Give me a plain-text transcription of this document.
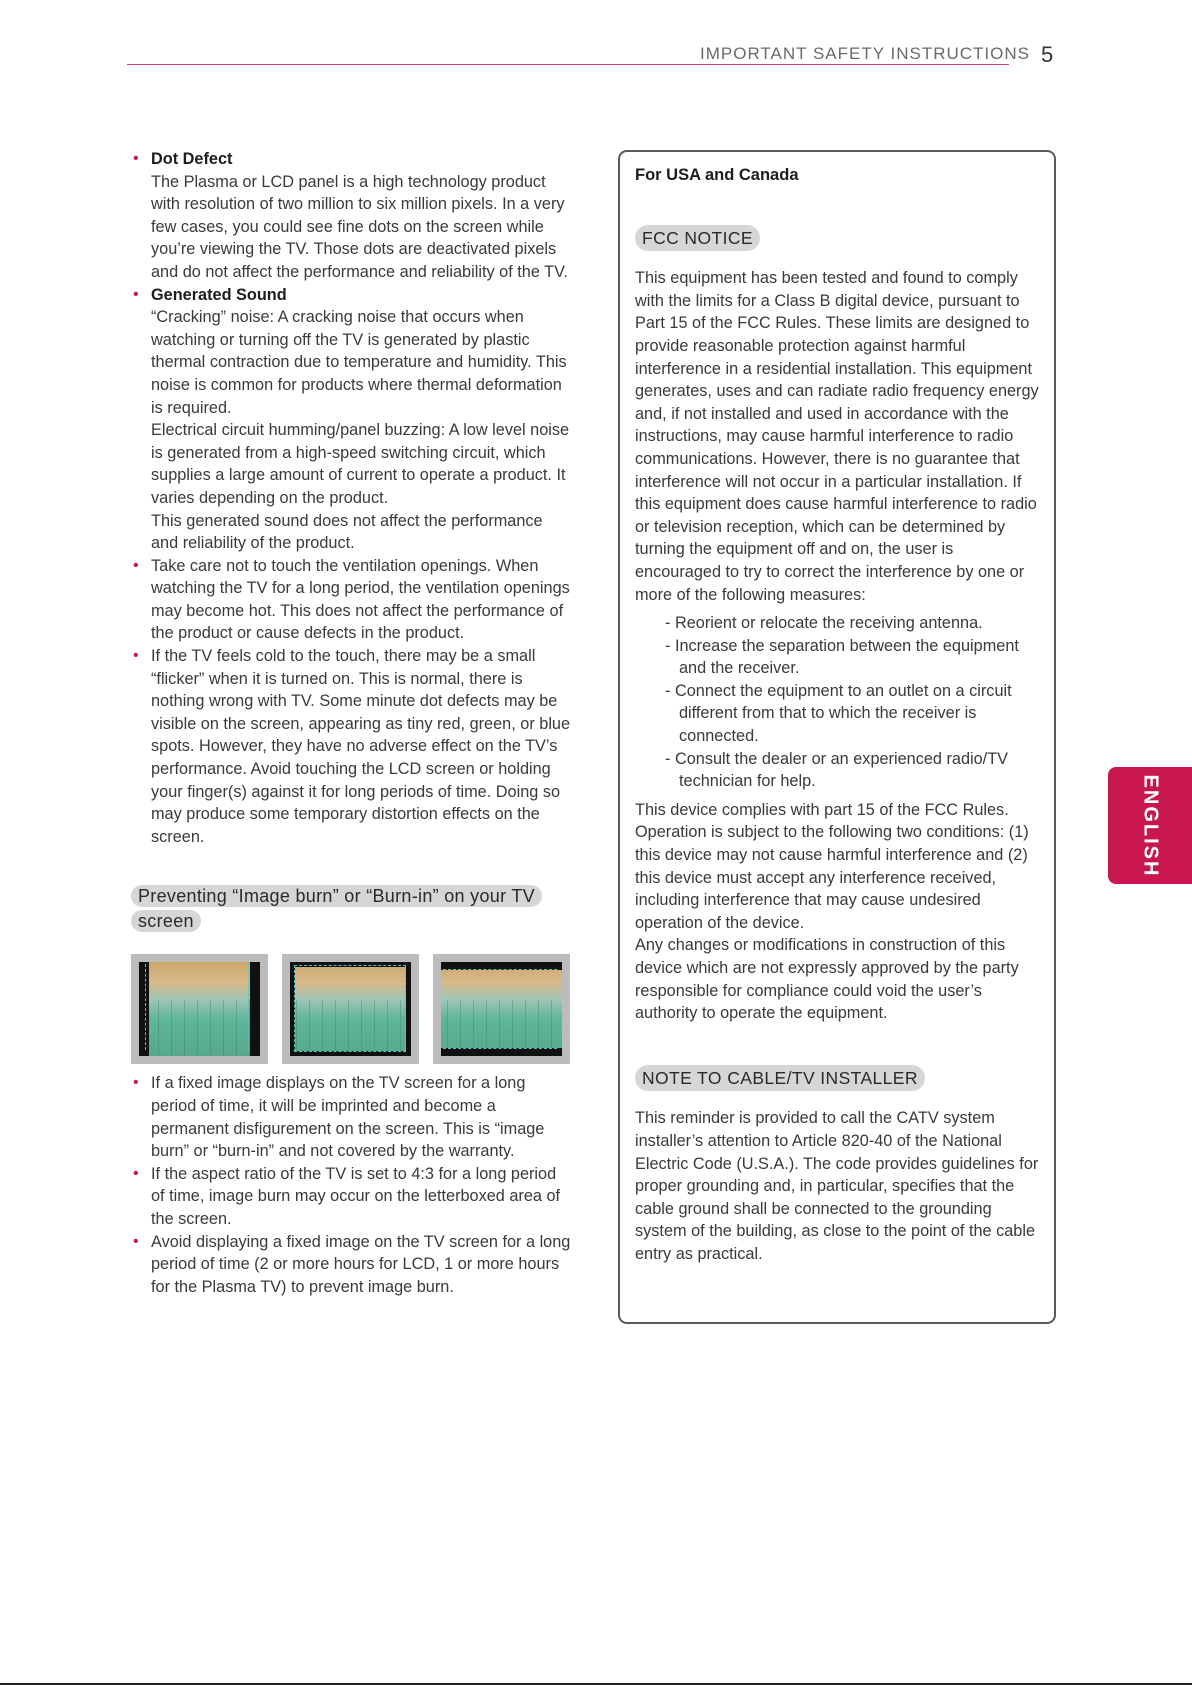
IMPORTANT SAFETY INSTRUCTIONS 5
• Dot Defect
The Plasma or LCD panel is a high technology product with resolution of two million to six million pixels. In a very few cases, you could see fine dots on the screen while you’re viewing the TV. Those dots are deactivated pixels and do not affect the performance and reliability of the TV.
• Generated Sound
“Cracking” noise: A cracking noise that occurs when watching or turning off the TV is generated by plastic thermal contraction due to temperature and humidity. This noise is common for products where thermal deformation is required.
Electrical circuit humming/panel buzzing: A low level noise is generated from a high-speed switching circuit, which supplies a large amount of current to operate a product. It varies depending on the product.
This generated sound does not affect the performance and reliability of the product.
• Take care not to touch the ventilation openings. When watching the TV for a long period, the ventilation openings may become hot. This does not affect the performance of the product or cause defects in the product.
• If the TV feels cold to the touch, there may be a small “flicker” when it is turned on. This is normal, there is nothing wrong with TV. Some minute dot defects may be visible on the screen, appearing as tiny red, green, or blue spots. However, they have no adverse effect on the TV’s performance. Avoid touching the LCD screen or holding your finger(s) against it for long periods of time. Doing so may produce some temporary distortion effects on the screen.
Preventing “Image burn” or “Burn-in” on your TV screen
• If a fixed image displays on the TV screen for a long period of time, it will be imprinted and become a permanent disfigurement on the screen. This is “image burn” or “burn-in” and not covered by the warranty.
• If the aspect ratio of the TV is set to 4:3 for a long period of time, image burn may occur on the letterboxed area of the screen.
• Avoid displaying a fixed image on the TV screen for a long period of time (2 or more hours for LCD, 1 or more hours for the Plasma TV) to prevent image burn.
For USA and Canada
FCC NOTICE
This equipment has been tested and found to comply with the limits for a Class B digital device, pursuant to Part 15 of the FCC Rules. These limits are designed to provide reasonable protection against harmful interference in a residential installation. This equipment generates, uses and can radiate radio frequency energy and, if not installed and used in accordance with the instructions, may cause harmful interference to radio communications. However, there is no guarantee that interference will not occur in a particular installation. If this equipment does cause harmful interference to radio or television reception, which can be determined by turning the equipment off and on, the user is encouraged to try to correct the interference by one or more of the following measures:
- Reorient or relocate the receiving antenna.
- Increase the separation between the equipment and the receiver.
- Connect the equipment to an outlet on a circuit different from that to which the receiver is connected.
- Consult the dealer or an experienced radio/TV technician for help.
This device complies with part 15 of the FCC Rules. Operation is subject to the following two conditions: (1) this device may not cause harmful interference and (2) this device must accept any interference received, including interference that may cause undesired operation of the device.
Any changes or modifications in construction of this device which are not expressly approved by the party responsible for compliance could void the user’s authority to operate the equipment.
NOTE TO CABLE/TV INSTALLER
This reminder is provided to call the CATV system installer’s attention to Article 820-40 of the National Electric Code (U.S.A.). The code provides guidelines for proper grounding and, in particular, specifies that the cable ground shall be connected to the grounding system of the building, as close to the point of the cable entry as practical.
ENGLISH
